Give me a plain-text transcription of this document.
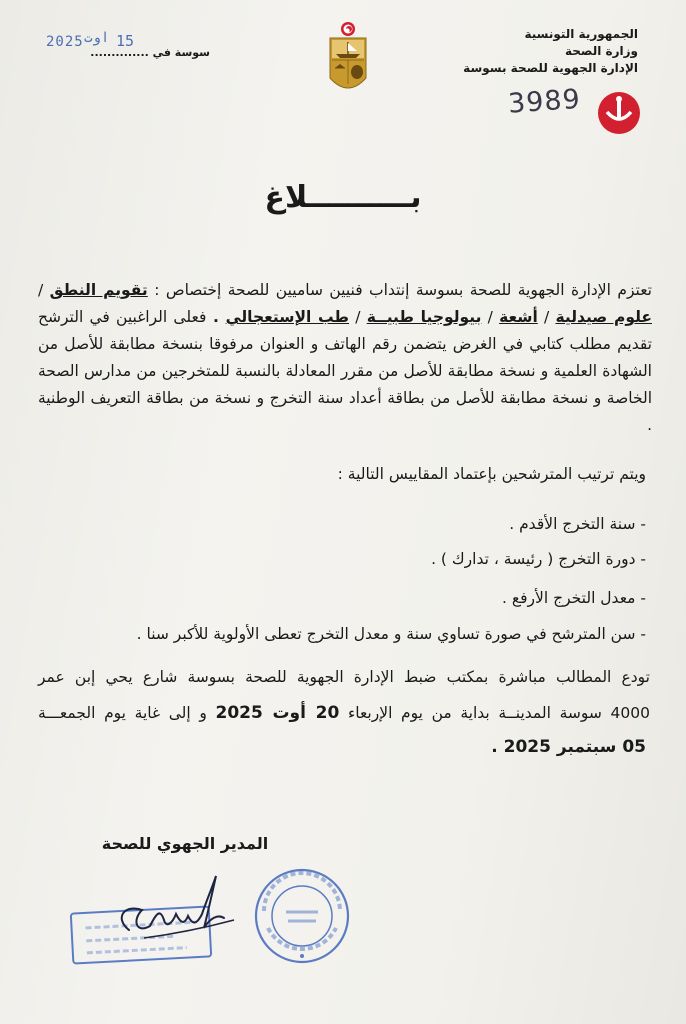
الجمهورية التونسية
وزارة الصحة
الإدارة الجهوية للصحة بسوسة
2025 اوت 15
سوسة في ..............
3989
بــــــــــلاغ
تعتزم الإدارة الجهوية للصحة بسوسة إنتداب فنيين ساميين للصحة إختصاص : تقويم النطق / علوم صيدلية / أشعة / بيولوجيا طبيــة / طب الإستعجالي . فعلى الراغبين في الترشح تقديم مطلب كتابي في الغرض يتضمن رقم الهاتف و العنوان مرفوقا بنسخة مطابقة للأصل من الشهادة العلمية و نسخة مطابقة للأصل من مقرر المعادلة بالنسبة للمتخرجين من مدارس الصحة الخاصة و نسخة مطابقة للأصل من بطاقة أعداد سنة التخرج و نسخة من بطاقة التعريف الوطنية .
ويتم ترتيب المترشحين بإعتماد المقاييس التالية :
- سنة التخرج الأقدم .
- دورة التخرج ( رئيسة ، تدارك ) .
- معدل التخرج الأرفع .
- سن المترشح في صورة تساوي سنة و معدل التخرج تعطى الأولوية للأكبر سنا .
تودع المطالب مباشرة بمكتب ضبط الإدارة الجهوية للصحة بسوسة شارع يحي إبن عمر
4000 سوسة المدينــة بداية من يوم الإربعاء 20 أوت 2025 و إلى غاية يوم الجمعـــة
05 سبتمبر 2025 .
المدير الجهوي للصحة
